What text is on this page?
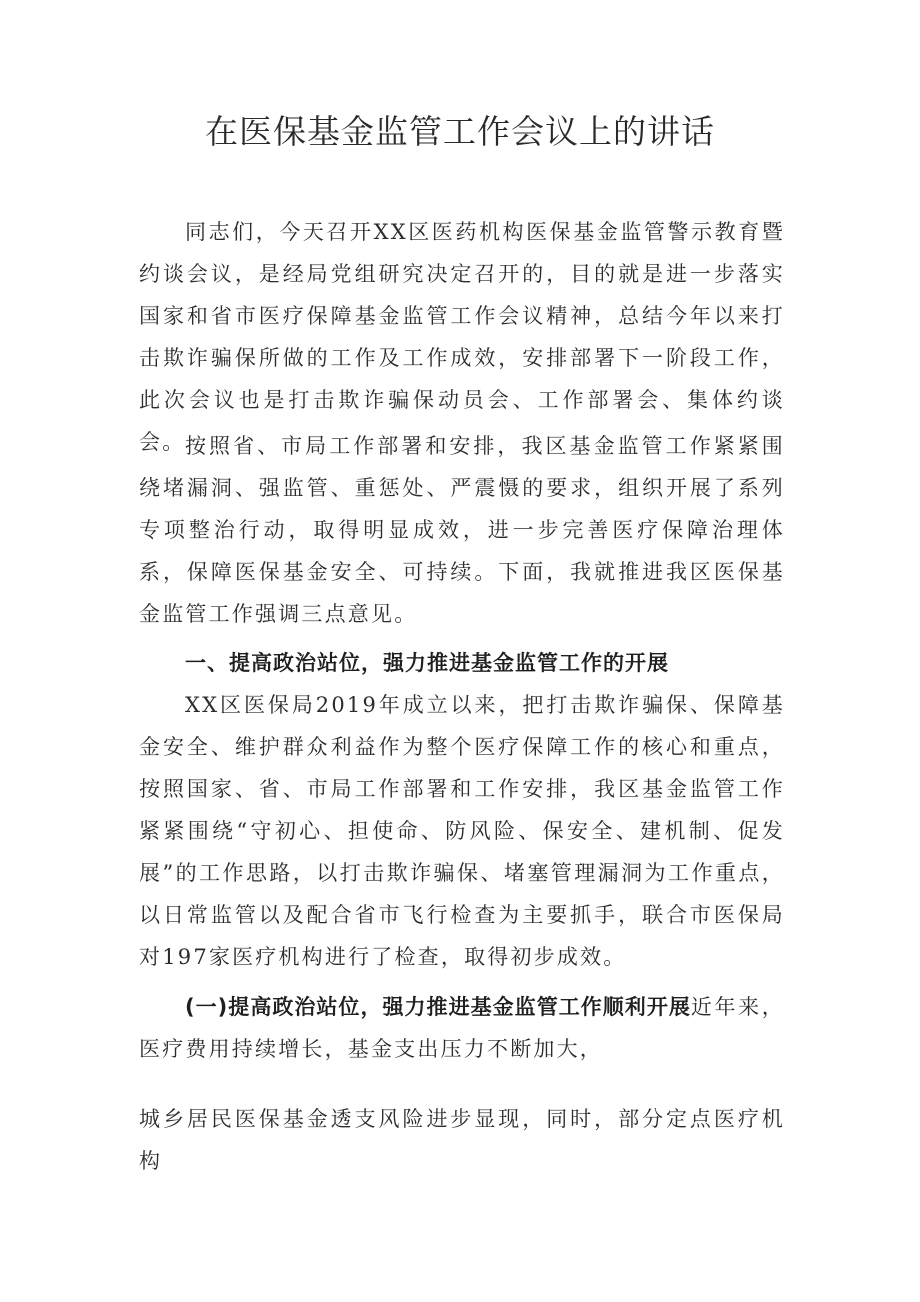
在医保基金监管工作会议上的讲话

同志们，今天召开XX区医药机构医保基金监管警示教育暨约谈会议，是经局党组研究决定召开的，目的就是进一步落实国家和省市医疗保障基金监管工作会议精神，总结今年以来打击欺诈骗保所做的工作及工作成效，安排部署下一阶段工作，此次会议也是打击欺诈骗保动员会、工作部署会、集体约谈会。 按照省、市局工作部署和安排，我区基金监管工作紧紧围绕堵漏洞、强监管、重惩处、严震慑的要求，组织开展了系列专项整治行动，取得明显成效，进一步完善医疗保障治理体系，保障医保基金安全、可持续。下面，我就推进我区医保基金监管工作强调三点意见。

一、提高政治站位，强力推进基金监管工作的开展

XX区医保局2019年成立以来，把打击欺诈骗保、保障基金安全、维护群众利益作为整个医疗保障工作的核心和重点，按照国家、省、市局工作部署和工作安排，我区基金监管工作紧紧围绕“守初心、担使命、防风险、保安全、建机制、促发展”的工作思路，以打击欺诈骗保、堵塞管理漏洞为工作重点，以日常监管以及配合省市飞行检查为主要抓手，联合市医保局对197家医疗机构进行了检查，取得初步成效。

(一)提高政治站位，强力推进基金监管工作顺利开展近年来，医疗费用持续增长，基金支出压力不断加大，

城乡居民医保基金透支风险进步显现，同时，部分定点医疗机构
